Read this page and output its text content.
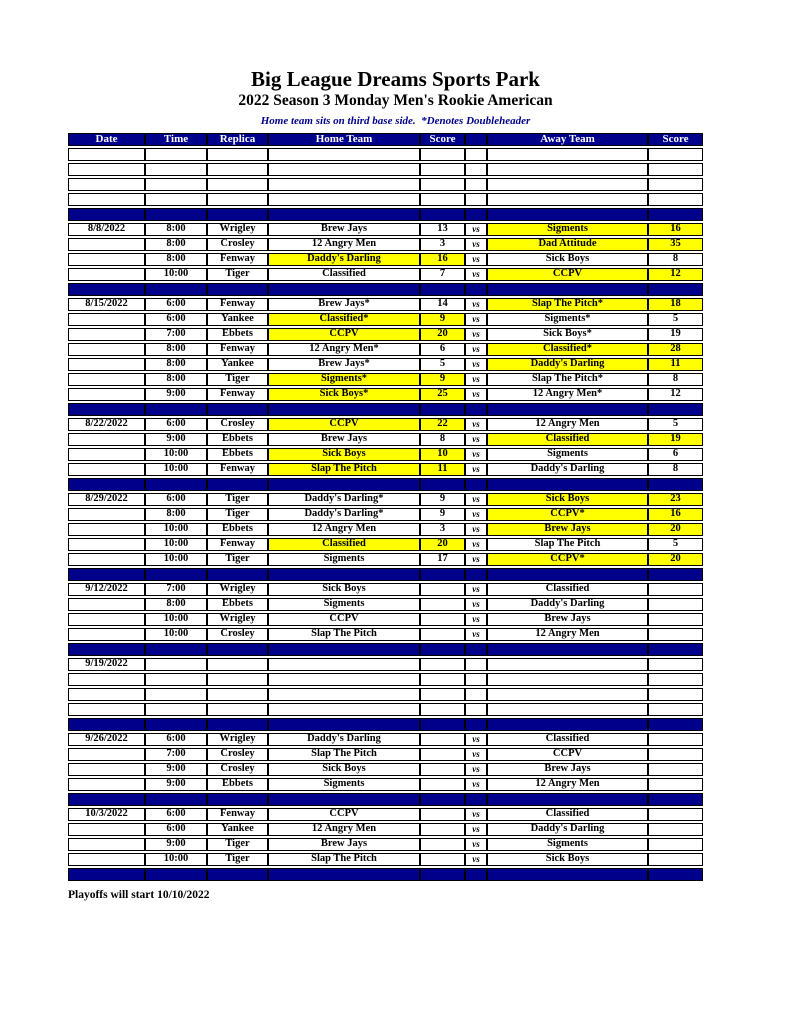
Big League Dreams Sports Park
2022 Season 3 Monday Men's Rookie American
Home team sits on third base side.  *Denotes Doubleheader
Date	Time	Replica	Home Team	Score		Away Team	Score

8/8/2022	8:00	Wrigley	Brew Jays	13	vs	Sigments	16
	8:00	Crosley	12 Angry Men	3	vs	Dad Attitude	35
	8:00	Fenway	Daddy's Darling	16	vs	Sick Boys	8
	10:00	Tiger	Classified	7	vs	CCPV	12

8/15/2022	6:00	Fenway	Brew Jays*	14	vs	Slap The Pitch*	18
	6:00	Yankee	Classified*	9	vs	Sigments*	5
	7:00	Ebbets	CCPV	20	vs	Sick Boys*	19
	8:00	Fenway	12 Angry Men*	6	vs	Classified*	28
	8:00	Yankee	Brew Jays*	5	vs	Daddy's Darling	11
	8:00	Tiger	Sigments*	9	vs	Slap The Pitch*	8
	9:00	Fenway	Sick Boys*	25	vs	12 Angry Men*	12

8/22/2022	6:00	Crosley	CCPV	22	vs	12 Angry Men	5
	9:00	Ebbets	Brew Jays	8	vs	Classified	19
	10:00	Ebbets	Sick Boys	10	vs	Sigments	6
	10:00	Fenway	Slap The Pitch	11	vs	Daddy's Darling	8

8/29/2022	6:00	Tiger	Daddy's Darling*	9	vs	Sick Boys	23
	8:00	Tiger	Daddy's Darling*	9	vs	CCPV*	16
	10:00	Ebbets	12 Angry Men	3	vs	Brew Jays	20
	10:00	Fenway	Classified	20	vs	Slap The Pitch	5
	10:00	Tiger	Sigments	17	vs	CCPV*	20

9/12/2022	7:00	Wrigley	Sick Boys		vs	Classified	
	8:00	Ebbets	Sigments		vs	Daddy's Darling	
	10:00	Wrigley	CCPV		vs	Brew Jays	
	10:00	Crosley	Slap The Pitch		vs	12 Angry Men	

9/19/2022							

9/26/2022	6:00	Wrigley	Daddy's Darling		vs	Classified	
	7:00	Crosley	Slap The Pitch		vs	CCPV	
	9:00	Crosley	Sick Boys		vs	Brew Jays	
	9:00	Ebbets	Sigments		vs	12 Angry Men	

10/3/2022	6:00	Fenway	CCPV		vs	Classified	
	6:00	Yankee	12 Angry Men		vs	Daddy's Darling	
	9:00	Tiger	Brew Jays		vs	Sigments	
	10:00	Tiger	Slap The Pitch		vs	Sick Boys	

Playoffs will start 10/10/2022
